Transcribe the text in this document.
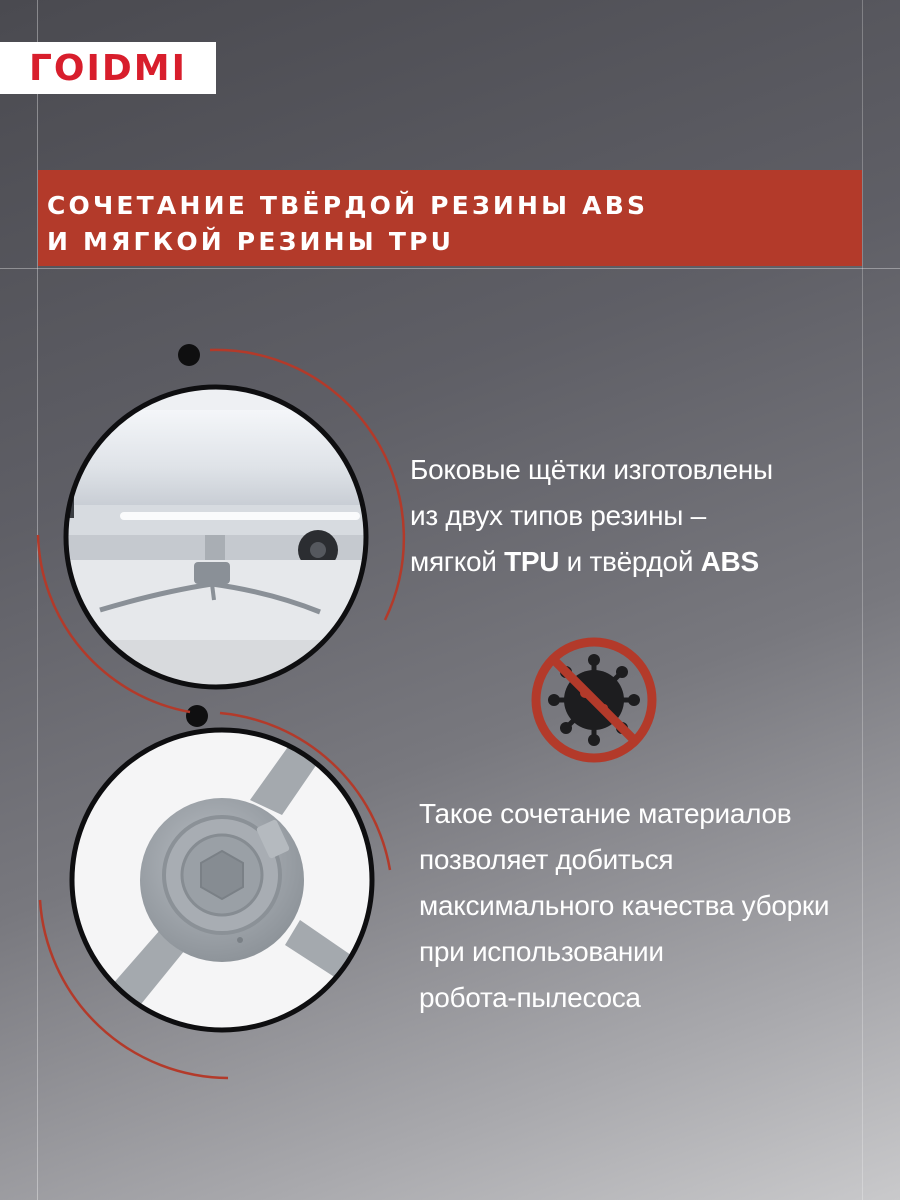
ГОIDMI
СОЧЕТАНИЕ ТВЁРДОЙ РЕЗИНЫ ABS
И МЯГКОЙ РЕЗИНЫ TPU
Боковые щётки изготовлены
из двух типов резины –
мягкой TPU и твёрдой ABS
Такое сочетание материалов
позволяет добиться
максимального качества уборки
при использовании
робота-пылесоса
